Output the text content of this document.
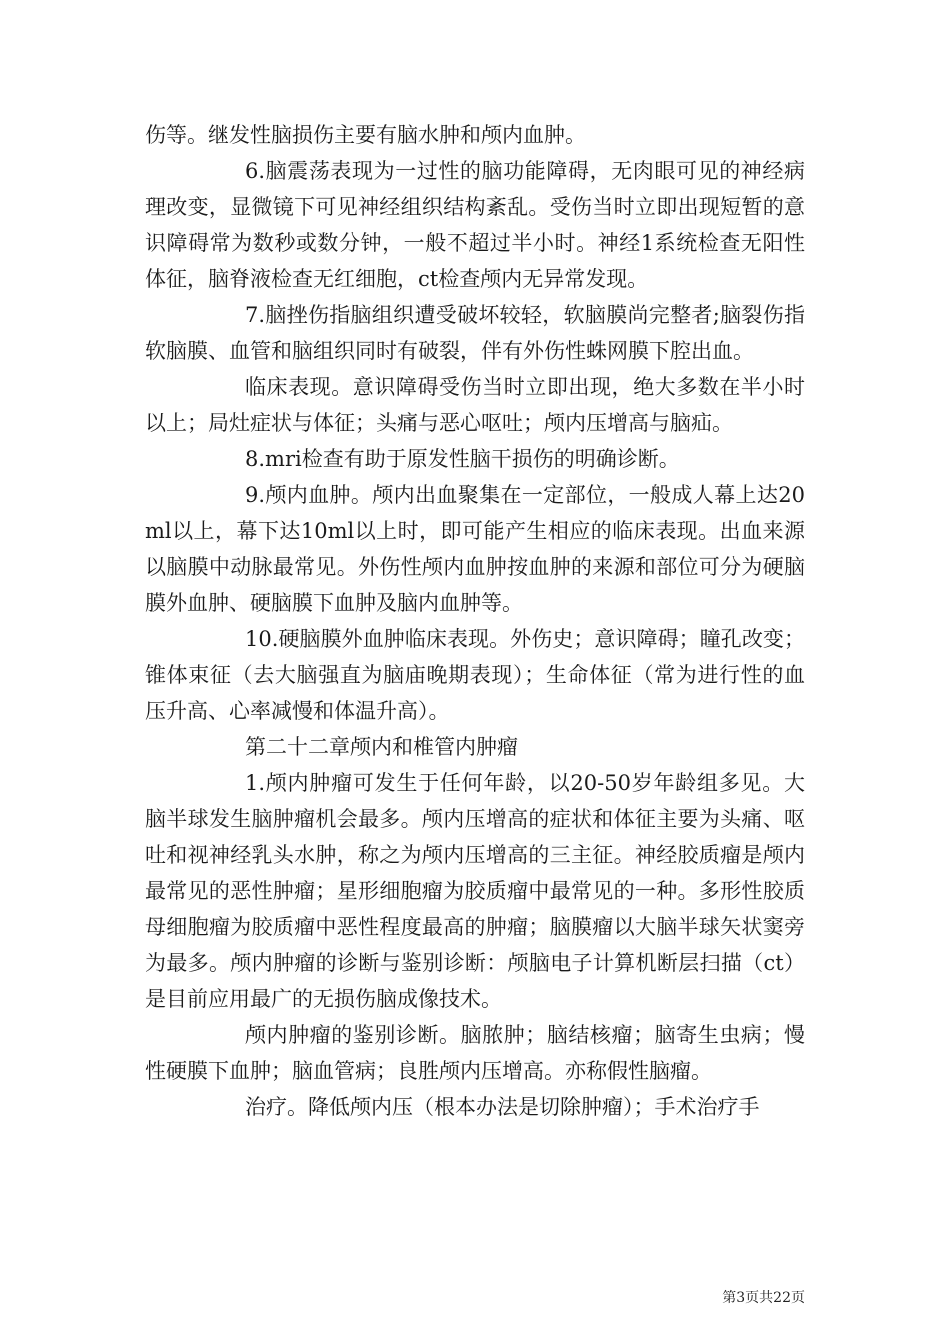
伤等。继发性脑损伤主要有脑水肿和颅内血肿。

6.脑震荡表现为一过性的脑功能障碍，无肉眼可见的神经病理改变，显微镜下可见神经组织结构紊乱。受伤当时立即出现短暂的意识障碍常为数秒或数分钟，一般不超过半小时。神经1系统检查无阳性体征，脑脊液检查无红细胞，ct检查颅内无异常发现。

7.脑挫伤指脑组织遭受破坏较轻，软脑膜尚完整者;脑裂伤指软脑膜、血管和脑组织同时有破裂，伴有外伤性蛛网膜下腔出血。

临床表现。意识障碍受伤当时立即出现，绝大多数在半小时以上；局灶症状与体征；头痛与恶心呕吐；颅内压增高与脑疝。

8.mri检查有助于原发性脑干损伤的明确诊断。

9.颅内血肿。颅内出血聚集在一定部位，一般成人幕上达20ml以上，幕下达10ml以上时，即可能产生相应的临床表现。出血来源以脑膜中动脉最常见。外伤性颅内血肿按血肿的来源和部位可分为硬脑膜外血肿、硬脑膜下血肿及脑内血肿等。

10.硬脑膜外血肿临床表现。外伤史；意识障碍；瞳孔改变；锥体束征（去大脑强直为脑庙晚期表现）；生命体征（常为进行性的血压升高、心率减慢和体温升高）。

第二十二章颅内和椎管内肿瘤

1.颅内肿瘤可发生于任何年龄，以20-50岁年龄组多见。大脑半球发生脑肿瘤机会最多。颅内压增高的症状和体征主要为头痛、呕吐和视神经乳头水肿，称之为颅内压增高的三主征。神经胶质瘤是颅内最常见的恶性肿瘤；星形细胞瘤为胶质瘤中最常见的一种。多形性胶质母细胞瘤为胶质瘤中恶性程度最高的肿瘤；脑膜瘤以大脑半球矢状窦旁为最多。颅内肿瘤的诊断与鉴别诊断：颅脑电子计算机断层扫描（ct）是目前应用最广的无损伤脑成像技术。

颅内肿瘤的鉴别诊断。脑脓肿；脑结核瘤；脑寄生虫病；慢性硬膜下血肿；脑血管病；良胜颅内压增高。亦称假性脑瘤。

治疗。降低颅内压（根本办法是切除肿瘤）；手术治疗手

第3页共22页
